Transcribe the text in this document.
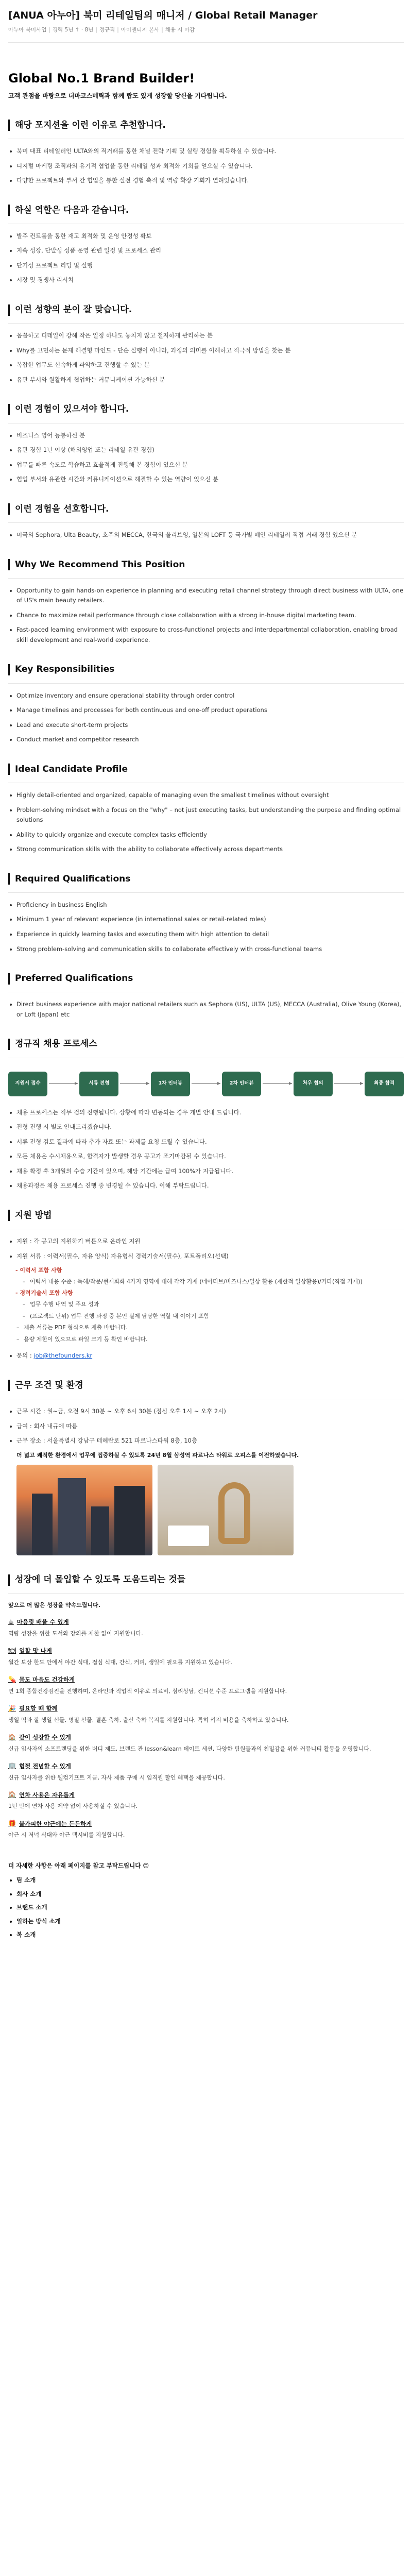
[ANUA 아누아] 북미 리테일팀의 매니저 / Global Retail Manager
아누아 북미사업 | 경력 5년 ↑ · 8년 | 정규직 | 아이센티지 본사 | 채용 시 마감
Global No.1 Brand Builder!
고객 관점을 바탕으로 더마코스메틱과 함께 탑도 있게 성장할 당신을 기다립니다.
해당 포지션을 이런 이유로 추천합니다.
북미 대표 리테일러인 ULTA와의 직거래를 통한 채널 전략 기획 및 실행 경험을 획득하실 수 있습니다.
디지털 마케팅 조직과의 유기적 협업을 통한 리테일 성과 최적화 기회를 얻으실 수 있습니다.
다양한 프로젝트와 부서 간 협업을 통한 실전 경험 축적 및 역량 확장 기회가 열려있습니다.
하실 역할은 다음과 같습니다.
발주 컨트롤을 통한 재고 최적화 및 운영 안정성 확보
지속 성장, 단발성 성품 운영 관련 일정 및 프로세스 관리
단기성 프로젝트 리딩 및 실행
시장 및 경쟁사 리서치
이런 성향의 분이 잘 맞습니다.
꼼꼼하고 디테일이 강해 작은 일정 하나도 놓치지 않고 철저하게 관리하는 분
Why를 고민하는 문제 해결형 마인드 - 단순 실행이 아니라, 과정의 의미를 이해하고 적극적 방법을 찾는 분
복잡한 업무도 신속하게 파악하고 진행할 수 있는 분
유관 부서와 원활하게 협업하는 커뮤니케이션 가능하신 분
이런 경험이 있으셔야 합니다.
비즈니스 영어 능통하신 분
유관 경험 1년 이상 (해외영업 또는 리테일 유관 경험)
업무를 빠른 속도로 학습하고 효율적게 진행해 본 경험이 있으신 분
협업 부서와 유관한 시간와 커뮤니케이션으로 해결할 수 있는 역량이 있으신 분
이런 경험을 선호합니다.
미국의 Sephora, Ulta Beauty, 호주의 MECCA, 한국의 올리브영, 일본의 LOFT 등 국가별 메인 리테일러 직접 거래 경험 있으신 분
Why We Recommend This Position
Opportunity to gain hands-on experience in planning and executing retail channel strategy through direct business with ULTA, one of US's main beauty retailers.
Chance to maximize retail performance through close collaboration with a strong in-house digital marketing team.
Fast-paced learning environment with exposure to cross-functional projects and interdepartmental collaboration, enabling broad skill development and real-world experience.
Key Responsibilities
Optimize inventory and ensure operational stability through order control
Manage timelines and processes for both continuous and one-off product operations
Lead and execute short-term projects
Conduct market and competitor research
Ideal Candidate Profile
Highly detail-oriented and organized, capable of managing even the smallest timelines without oversight
Problem-solving mindset with a focus on the "why" – not just executing tasks, but understanding the purpose and finding optimal solutions
Ability to quickly organize and execute complex tasks efficiently
Strong communication skills with the ability to collaborate effectively across departments
Required Qualifications
Proficiency in business English
Minimum 1 year of relevant experience (in international sales or retail-related roles)
Experience in quickly learning tasks and executing them with high attention to detail
Strong problem-solving and communication skills to collaborate effectively with cross-functional teams
Preferred Qualifications
Direct business experience with major national retailers such as Sephora (US), ULTA (US), MECCA (Australia), Olive Young (Korea), or Loft (Japan) etc
정규직 채용 프로세스
지원서 접수	서류 전형	1차 인터뷰	2차 인터뷰	처우 협의	최종 합격
채용 프로세스는 직무 검의 진행됩니다. 상황에 따라 변동되는 경우 개별 안내 드립니다.
전형 진행 시 별도 안내드리겠습니다.
서류 전형 검토 결과에 따라 추가 자료 또는 과제를 요청 드릴 수 있습니다.
모든 채용은 수시채용으로, 합격자가 발생할 경우 공고가 조기마감될 수 있습니다.
채용 확정 후 3개월의 수습 기간이 있으며, 해당 기간에는 급여 100%가 지급됩니다.
채용과정은 채용 프로세스 진행 중 변경될 수 있습니다. 이해 부탁드립니다.
지원 방법
지원 : 각 공고의 지원하기 버튼으로 온라인 지원
지원 서류 : 이력서(필수, 자유 양식) 자유형식 경력기술서(필수), 포트폴리오(선택)
- 이력서 포함 사항
– 이력서 내용 수준 : 독해/작문/현재회화 4가지 영역에 대해 각각 기재 (네이티브/비즈니스/일상 활용 (제한적 일상활용)/기타(직접 기재))
- 경력기술서 포함 사항
– 업무 수행 내역 및 주요 성과
– (프로젝트 단위) 업무 진행 과정 중 본인 실제 담당한 역할 내 이야기 포함
– 제출 서류는 PDF 형식으로 제출 바랍니다.
– 용량 제한이 있으므로 파일 크기 등 확인 바랍니다.
문의 : job@thefounders.kr
근무 조건 및 환경
근무 시간 : 월~금, 오전 9시 30분 ~ 오후 6시 30분 (점심 오후 1시 ~ 오후 2시)
급여 : 회사 내규에 따름
근무 장소 : 서울특별시 강남구 테헤란로 521 파르나스타워 8층, 10층
더 넓고 쾌적한 환경에서 업무에 집중하실 수 있도록 24년 8월 삼성역 파르나스 타워로 오피스를 이전하였습니다.
성장에 더 몰입할 수 있도록 도움드리는 것들
앞으로 더 많은 성장을 약속드립니다.
☕ 마음껏 배울 수 있게
역량 성장을 위한 도서와 강의를 제한 없이 지원합니다.
🍽 일할 맛 나게
월간 보상 한도 안에서 야간 식대, 점심 식대, 간식, 커피, 생일에 필요를 지원하고 있습니다.
💊 몸도 마음도 건강하게
연 1회 종합건강검진을 진행하며, 온라인과 직업적 이유로 의료비, 심리상담, 컨디션 수준 프로그램을 지원합니다.
🎉 필요할 때 함께
생일 떡과 잘 생일 선물, 명절 선물, 결혼 축하, 출산 축하 복지를 지원합니다. 특히 키지 비용을 축하하고 있습니다.
🏠 같이 성장할 수 있게
신규 입사자의 소프트랜딩을 위한 버디 제도, 브랜드 관 lesson&learn 데이트 세션, 다양한 팀원들과의 친밀감을 위한 커뮤니티 활동을 운영합니다.
🏢 힘껏 전념할 수 있게
신규 입사자를 위한 웰컴기프트 지급, 자사 제품 구매 시 임직원 할인 혜택을 제공합니다.
🏠 연차 사용은 자유롭게
1년 만에 연차 사용 제약 없이 사용하실 수 있습니다.
🎁 불가피한 야근에는 든든하게
야근 시 저녁 식대와 야근 택시비를 지원합니다.
더 자세한 사항은 아래 페이지를 참고 부탁드립니다 😊
팀 소개
회사 소개
브랜드 소개
일하는 방식 소개
복 소개
